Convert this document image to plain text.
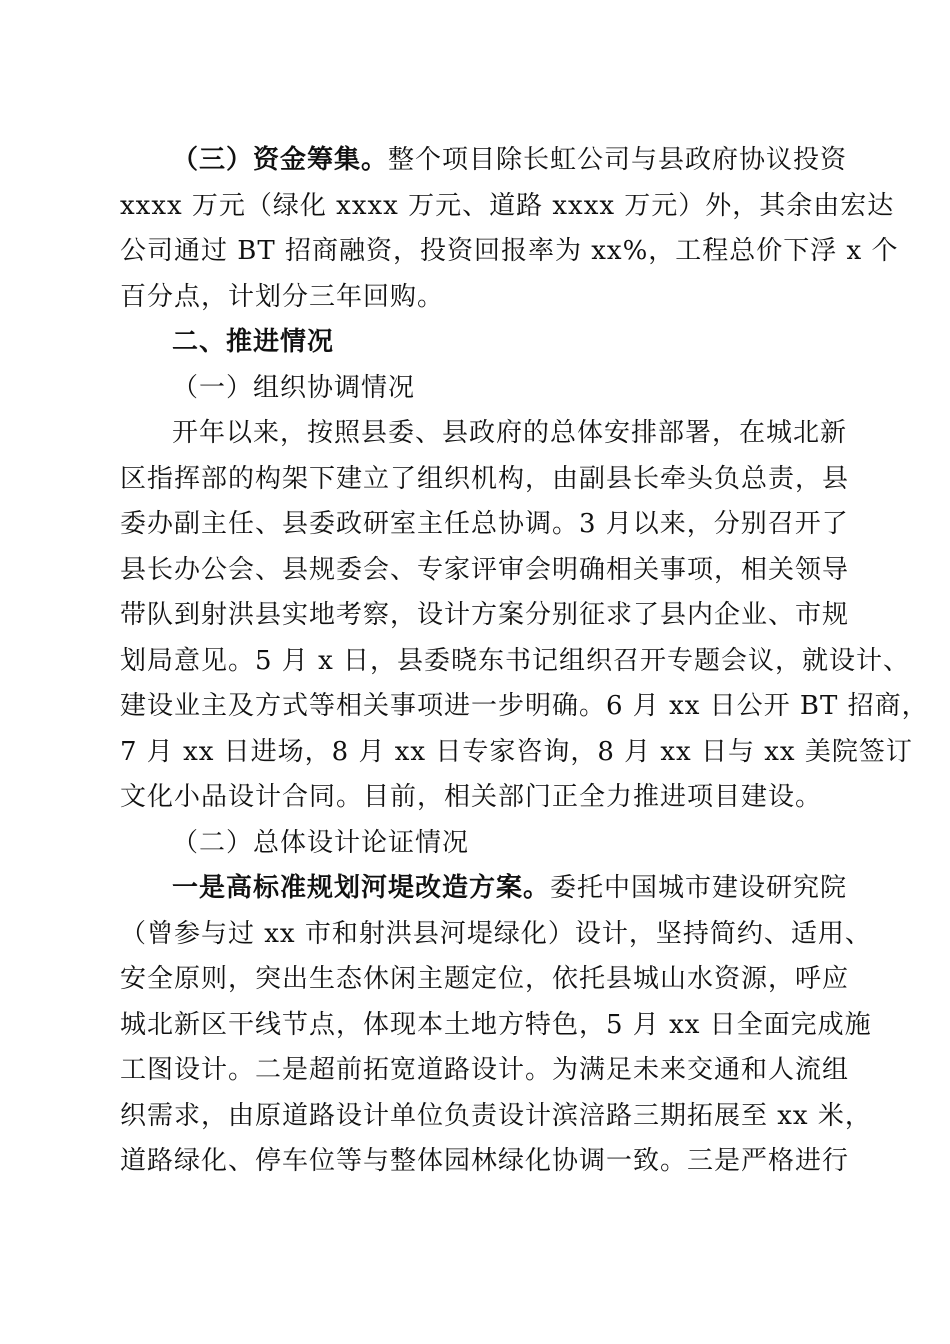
（三）资金筹集。整个项目除长虹公司与县政府协议投资
xxxx 万元（绿化 xxxx 万元、道路 xxxx 万元）外，其余由宏达
公司通过 BT 招商融资，投资回报率为 xx%，工程总价下浮 x 个
百分点，计划分三年回购。
二、推进情况
（一）组织协调情况
开年以来，按照县委、县政府的总体安排部署，在城北新
区指挥部的构架下建立了组织机构，由副县长牵头负总责，县
委办副主任、县委政研室主任总协调。3 月以来，分别召开了
县长办公会、县规委会、专家评审会明确相关事项，相关领导
带队到射洪县实地考察，设计方案分别征求了县内企业、市规
划局意见。5 月 x 日，县委晓东书记组织召开专题会议，就设计、
建设业主及方式等相关事项进一步明确。6 月 xx 日公开 BT 招商，
7 月 xx 日进场，8 月 xx 日专家咨询，8 月 xx 日与 xx 美院签订
文化小品设计合同。目前，相关部门正全力推进项目建设。
（二）总体设计论证情况
一是高标准规划河堤改造方案。委托中国城市建设研究院
（曾参与过 xx 市和射洪县河堤绿化）设计，坚持简约、适用、
安全原则，突出生态休闲主题定位，依托县城山水资源，呼应
城北新区干线节点，体现本土地方特色，5 月 xx 日全面完成施
工图设计。二是超前拓宽道路设计。为满足未来交通和人流组
织需求，由原道路设计单位负责设计滨涪路三期拓展至 xx 米，
道路绿化、停车位等与整体园林绿化协调一致。三是严格进行
